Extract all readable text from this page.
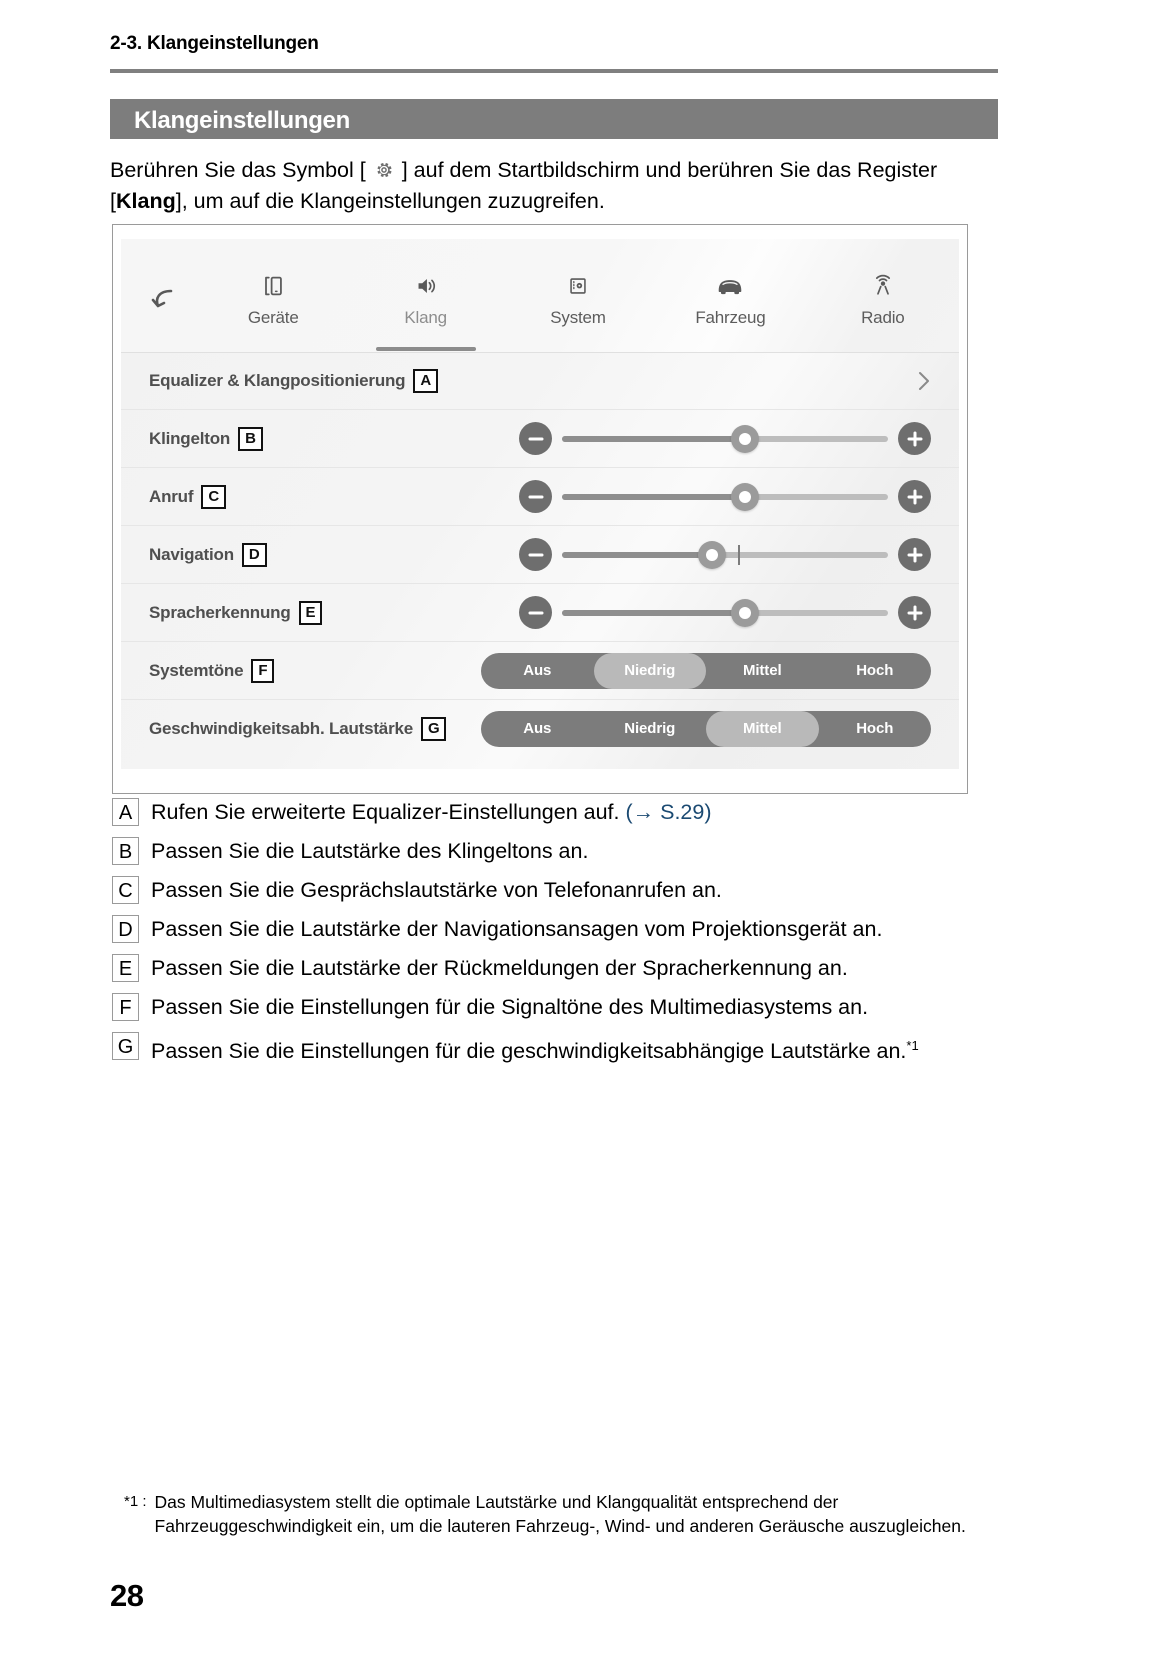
2-3. Klangeinstellungen
Klangeinstellungen
Berühren Sie das Symbol [ ] auf dem Startbildschirm und berühren Sie das Register [Klang], um auf die Klangeinstellungen zuzugreifen.
Geräte	Klang	System	Fahrzeug	Radio
Equalizer & Klangpositionierung A
Klingelton B
Anruf C
Navigation D
Spracherkennung E
Systemtöne F	Aus	Niedrig	Mittel	Hoch
Geschwindigkeitsabh. Lautstärke G	Aus	Niedrig	Mittel	Hoch
A Rufen Sie erweiterte Equalizer-Einstellungen auf. (→ S.29)
B Passen Sie die Lautstärke des Klingeltons an.
C Passen Sie die Gesprächslautstärke von Telefonanrufen an.
D Passen Sie die Lautstärke der Navigationsansagen vom Projektionsgerät an.
E Passen Sie die Lautstärke der Rückmeldungen der Spracherkennung an.
F Passen Sie die Einstellungen für die Signaltöne des Multimediasystems an.
G Passen Sie die Einstellungen für die geschwindigkeitsabhängige Lautstärke an.$^{*1}$
*1 : Das Multimediasystem stellt die optimale Lautstärke und Klangqualität entsprechend der Fahrzeuggeschwindigkeit ein, um die lauteren Fahrzeug-, Wind- und anderen Geräusche auszugleichen.
28
